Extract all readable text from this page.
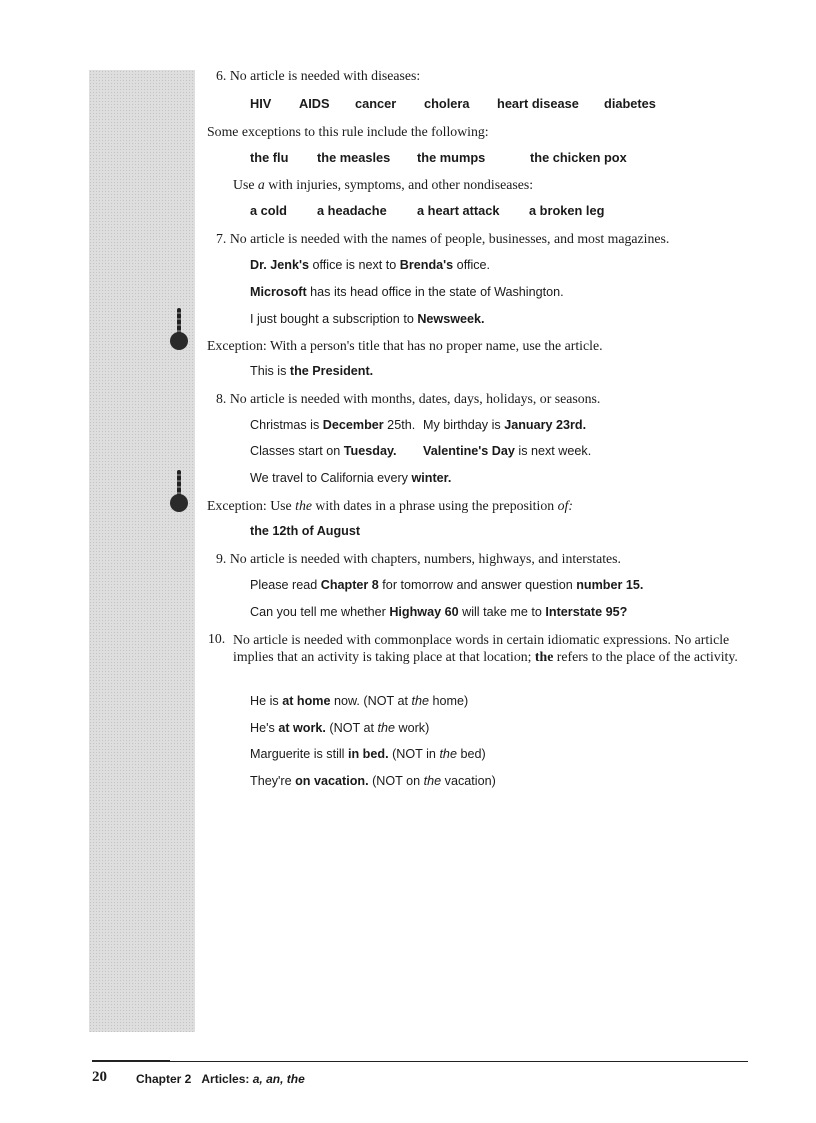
6. No article is needed with diseases:

HIV AIDS cancer cholera heart disease diabetes

Some exceptions to this rule include the following:

the flu the measles the mumps	the chicken pox

Use a with injuries, symptoms, and other nondiseases:

a cold a headache a heart attack a broken leg

7. No article is needed with the names of people, businesses, and most magazines.

Dr. Jenk's office is next to Brenda's office.

Microsoft has its head office in the state of Washington.

I just bought a subscription to Newsweek.

Exception: With a person's title that has no proper name, use the article.

This is the President.

8. No article is needed with months, dates, days, holidays, or seasons.

Christmas is December 25th. My birthday is January 23rd.

Classes start on Tuesday. Valentine's Day is next week.

We travel to California every winter.

Exception: Use the with dates in a phrase using the preposition of:

the 12th of August

9. No article is needed with chapters, numbers, highways, and interstates.

Please read Chapter 8 for tomorrow and answer question number 15.

Can you tell me whether Highway 60 will take me to Interstate 95?

10. No article is needed with commonplace words in certain idiomatic expressions. No article implies that an activity is taking place at that location; the refers to the place of the activity.

He is at home now. (NOT at the home)

He's at work. (NOT at the work)

Marguerite is still in bed. (NOT in the bed)

They're on vacation. (NOT on the vacation)

20 Chapter 2 Articles: a, an, the
